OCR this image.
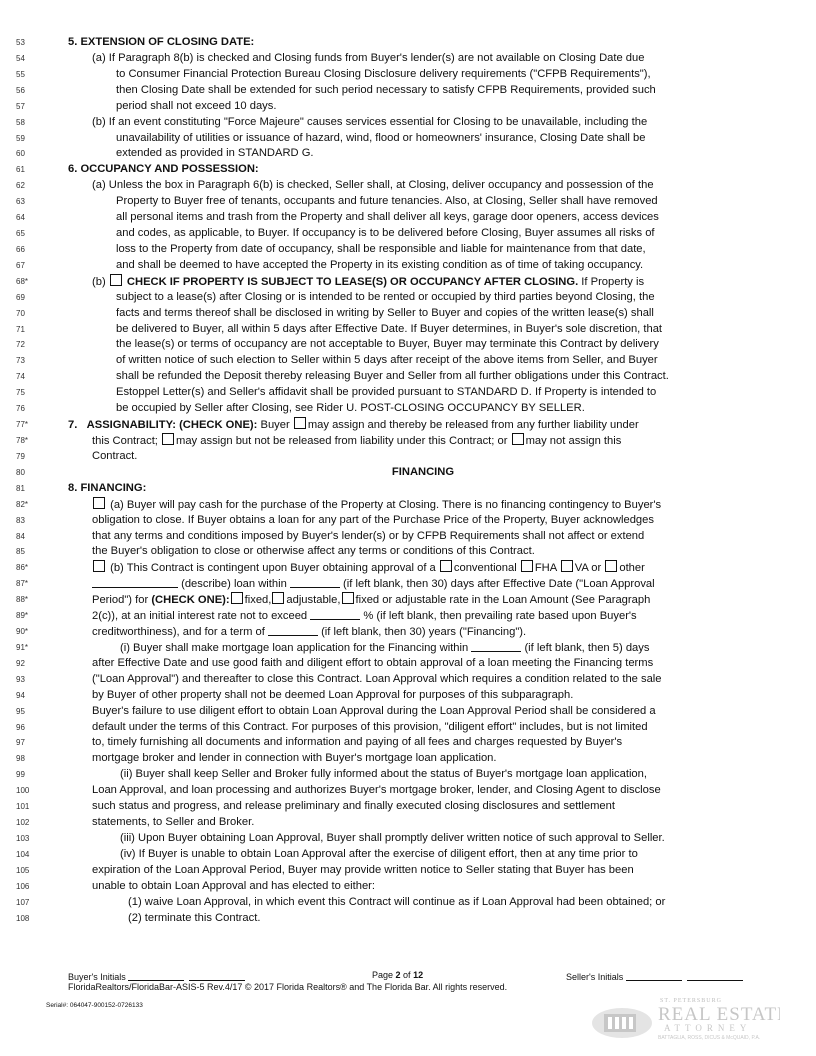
53	5. EXTENSION OF CLOSING DATE:
54	(a) If Paragraph 8(b) is checked and Closing funds from Buyer's lender(s) are not available on Closing Date due
55	to Consumer Financial Protection Bureau Closing Disclosure delivery requirements ("CFPB Requirements"),
56	then Closing Date shall be extended for such period necessary to satisfy CFPB Requirements, provided such
57	period shall not exceed 10 days.
58	(b) If an event constituting "Force Majeure" causes services essential for Closing to be unavailable, including the
59	unavailability of utilities or issuance of hazard, wind, flood or homeowners' insurance, Closing Date shall be
60	extended as provided in STANDARD G.
61	6. OCCUPANCY AND POSSESSION:
62	(a) Unless the box in Paragraph 6(b) is checked, Seller shall, at Closing, deliver occupancy and possession of the
63	Property to Buyer free of tenants, occupants and future tenancies. Also, at Closing, Seller shall have removed
64	all personal items and trash from the Property and shall deliver all keys, garage door openers, access devices
65	and codes, as applicable, to Buyer. If occupancy is to be delivered before Closing, Buyer assumes all risks of
66	loss to the Property from date of occupancy, shall be responsible and liable for maintenance from that date,
67	and shall be deemed to have accepted the Property in its existing condition as of time of taking occupancy.
68*	(b) CHECK IF PROPERTY IS SUBJECT TO LEASE(S) OR OCCUPANCY AFTER CLOSING. If Property is
69	subject to a lease(s) after Closing or is intended to be rented or occupied by third parties beyond Closing, the
70	facts and terms thereof shall be disclosed in writing by Seller to Buyer and copies of the written lease(s) shall
71	be delivered to Buyer, all within 5 days after Effective Date. If Buyer determines, in Buyer's sole discretion, that
72	the lease(s) or terms of occupancy are not acceptable to Buyer, Buyer may terminate this Contract by delivery
73	of written notice of such election to Seller within 5 days after receipt of the above items from Seller, and Buyer
74	shall be refunded the Deposit thereby releasing Buyer and Seller from all further obligations under this Contract.
75	Estoppel Letter(s) and Seller's affidavit shall be provided pursuant to STANDARD D. If Property is intended to
76	be occupied by Seller after Closing, see Rider U. POST-CLOSING OCCUPANCY BY SELLER.
77*	7. ASSIGNABILITY: (CHECK ONE): Buyer may assign and thereby be released from any further liability under
78*	this Contract; may assign but not be released from liability under this Contract; or may not assign this
79	Contract.
80	FINANCING
81	8. FINANCING:
82*	(a) Buyer will pay cash for the purchase of the Property at Closing. There is no financing contingency to Buyer's
83	obligation to close. If Buyer obtains a loan for any part of the Purchase Price of the Property, Buyer acknowledges
84	that any terms and conditions imposed by Buyer's lender(s) or by CFPB Requirements shall not affect or extend
85	the Buyer's obligation to close or otherwise affect any terms or conditions of this Contract.
86*	(b) This Contract is contingent upon Buyer obtaining approval of a conventional FHA VA or other
87*	(describe) loan within	(if left blank, then 30) days after Effective Date ("Loan Approval
88*	Period") for (CHECK ONE): fixed, adjustable, fixed or adjustable rate in the Loan Amount (See Paragraph
89*	2(c)), at an initial interest rate not to exceed	% (if left blank, then prevailing rate based upon Buyer's
90*	creditworthiness), and for a term of	(if left blank, then 30) years ("Financing").
91*	(i) Buyer shall make mortgage loan application for the Financing within	(if left blank, then 5) days
92	after Effective Date and use good faith and diligent effort to obtain approval of a loan meeting the Financing terms
93	("Loan Approval") and thereafter to close this Contract. Loan Approval which requires a condition related to the sale
94	by Buyer of other property shall not be deemed Loan Approval for purposes of this subparagraph.
95	Buyer's failure to use diligent effort to obtain Loan Approval during the Loan Approval Period shall be considered a
96	default under the terms of this Contract. For purposes of this provision, "diligent effort" includes, but is not limited
97	to, timely furnishing all documents and information and paying of all fees and charges requested by Buyer's
98	mortgage broker and lender in connection with Buyer's mortgage loan application.
99	(ii) Buyer shall keep Seller and Broker fully informed about the status of Buyer's mortgage loan application,
100	Loan Approval, and loan processing and authorizes Buyer's mortgage broker, lender, and Closing Agent to disclose
101	such status and progress, and release preliminary and finally executed closing disclosures and settlement
102	statements, to Seller and Broker.
103	(iii) Upon Buyer obtaining Loan Approval, Buyer shall promptly deliver written notice of such approval to Seller.
104	(iv) If Buyer is unable to obtain Loan Approval after the exercise of diligent effort, then at any time prior to
105	expiration of the Loan Approval Period, Buyer may provide written notice to Seller stating that Buyer has been
106	unable to obtain Loan Approval and has elected to either:
107	(1) waive Loan Approval, in which event this Contract will continue as if Loan Approval had been obtained; or
108	(2) terminate this Contract.
Buyer's Initials	Page 2 of 12	Seller's Initials
FloridaRealtors/FloridaBar-ASIS-5 Rev.4/17 © 2017 Florida Realtors® and The Florida Bar. All rights reserved.
Serial#: 064047-900152-0726133
ST. PETERSBURG
REAL ESTATE
ATTORNEY
BATTAGLIA, ROSS, DICUS & McQUAID, P.A.
